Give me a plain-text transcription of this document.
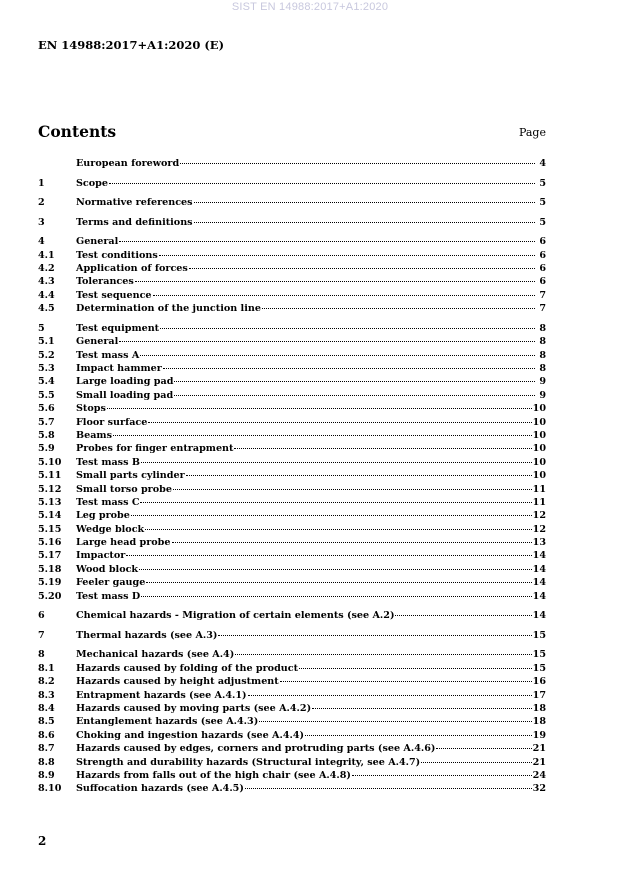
SIST EN 14988:2017+A1:2020
EN 14988:2017+A1:2020 (E)
Contents	Page
European foreword	4
1	Scope	5
2	Normative references	5
3	Terms and definitions	5
4	General	6
4.1	Test conditions	6
4.2	Application of forces	6
4.3	Tolerances	6
4.4	Test sequence	7
4.5	Determination of the junction line	7
5	Test equipment	8
5.1	General	8
5.2	Test mass A	8
5.3	Impact hammer	8
5.4	Large loading pad	9
5.5	Small loading pad	9
5.6	Stops	10
5.7	Floor surface	10
5.8	Beams	10
5.9	Probes for finger entrapment	10
5.10	Test mass B	10
5.11	Small parts cylinder	10
5.12	Small torso probe	11
5.13	Test mass C	11
5.14	Leg probe	12
5.15	Wedge block	12
5.16	Large head probe	13
5.17	Impactor	14
5.18	Wood block	14
5.19	Feeler gauge	14
5.20	Test mass D	14
6	Chemical hazards - Migration of certain elements (see A.2)	14
7	Thermal hazards (see A.3)	15
8	Mechanical hazards (see A.4)	15
8.1	Hazards caused by folding of the product	15
8.2	Hazards caused by height adjustment	16
8.3	Entrapment hazards (see A.4.1)	17
8.4	Hazards caused by moving parts (see A.4.2)	18
8.5	Entanglement hazards (see A.4.3)	18
8.6	Choking and ingestion hazards (see A.4.4)	19
8.7	Hazards caused by edges, corners and protruding parts (see A.4.6)	21
8.8	Strength and durability hazards (Structural integrity, see A.4.7)	21
8.9	Hazards from falls out of the high chair (see A.4.8)	24
8.10	Suffocation hazards (see A.4.5)	32
2
